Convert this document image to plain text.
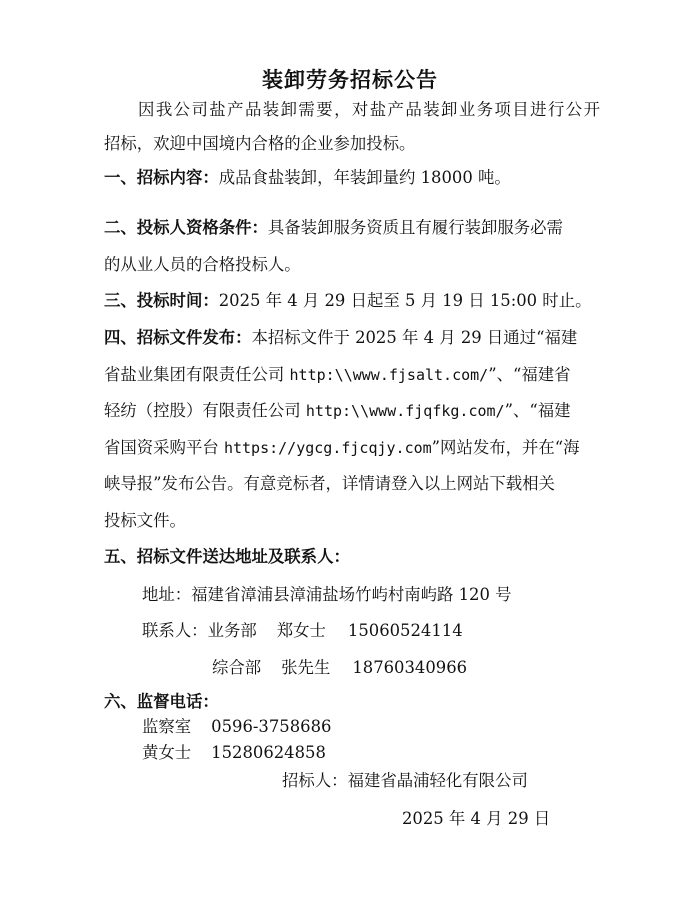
装卸劳务招标公告
因我公司盐产品装卸需要，对盐产品装卸业务项目进行公开
招标，欢迎中国境内合格的企业参加投标。
一、招标内容：成品食盐装卸，年装卸量约 18000 吨。
二、投标人资格条件：具备装卸服务资质且有履行装卸服务必需
的从业人员的合格投标人。
三、投标时间：2025 年 4 月 29 日起至 5 月 19 日 15:00 时止。
四、招标文件发布：本招标文件于 2025 年 4 月 29 日通过“福建
省盐业集团有限责任公司 http:\\www.fjsalt.com/”、“福建省
轻纺（控股）有限责任公司 http:\\www.fjqfkg.com/”、“福建
省国资采购平台 https://ygcg.fjcqjy.com”网站发布，并在“海
峡导报”发布公告。有意竞标者，详情请登入以上网站下载相关
投标文件。
五、招标文件送达地址及联系人：
地址：福建省漳浦县漳浦盐场竹屿村南屿路 120 号
联系人：业务部 郑女士 15060524114
综合部 张先生 18760340966
六、监督电话：
监察室 0596-3758686
黄女士 15280624858
招标人：福建省晶浦轻化有限公司
2025 年 4 月 29 日
